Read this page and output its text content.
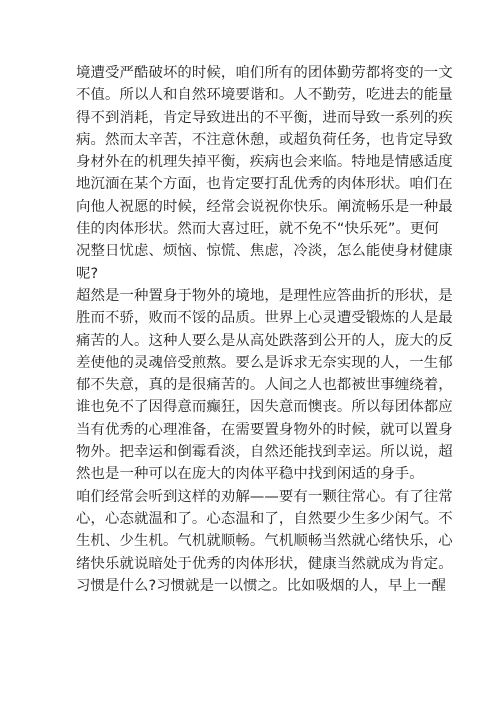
境遭受严酷破坏的时候，咱们所有的团体勤劳都将变的一文
不值。所以人和自然环境要谐和。人不勤劳，吃进去的能量
得不到消耗，肯定导致进出的不平衡，进而导致一系列的疾
病。然而太辛苦，不注意休憩，或超负荷任务，也肯定导致
身材外在的机理失掉平衡，疾病也会来临。特地是情感适度
地沉湎在某个方面，也肯定要打乱优秀的肉体形状。咱们在
向他人祝愿的时候，经常会说祝你快乐。阐流畅乐是一种最
佳的肉体形状。然而大喜过旺，就不免不“快乐死”。更何
况整日忧虑、烦恼、惊慌、焦虑，冷淡，怎么能使身材健康
呢?
超然是一种置身于物外的境地，是理性应答曲折的形状，是
胜而不骄，败而不馁的品质。世界上心灵遭受锻炼的人是最
痛苦的人。这种人要么是从高处跌落到公开的人，庞大的反
差使他的灵魂倍受煎熬。要么是诉求无奈实现的人，一生郁
郁不失意，真的是很痛苦的。人间之人也都被世事缠绕着，
谁也免不了因得意而癫狂，因失意而懊丧。所以每团体都应
当有优秀的心理准备，在需要置身物外的时候，就可以置身
物外。把幸运和倒霉看淡，自然还能找到幸运。所以说，超
然也是一种可以在庞大的肉体平稳中找到闲适的身手。
咱们经常会听到这样的劝解——要有一颗往常心。有了往常
心，心态就温和了。心态温和了，自然要少生多少闲气。不
生机、少生机。气机就顺畅。气机顺畅当然就心绪快乐，心
绪快乐就说暗处于优秀的肉体形状，健康当然就成为肯定。
习惯是什么?习惯就是一以惯之。比如吸烟的人，早上一醒
